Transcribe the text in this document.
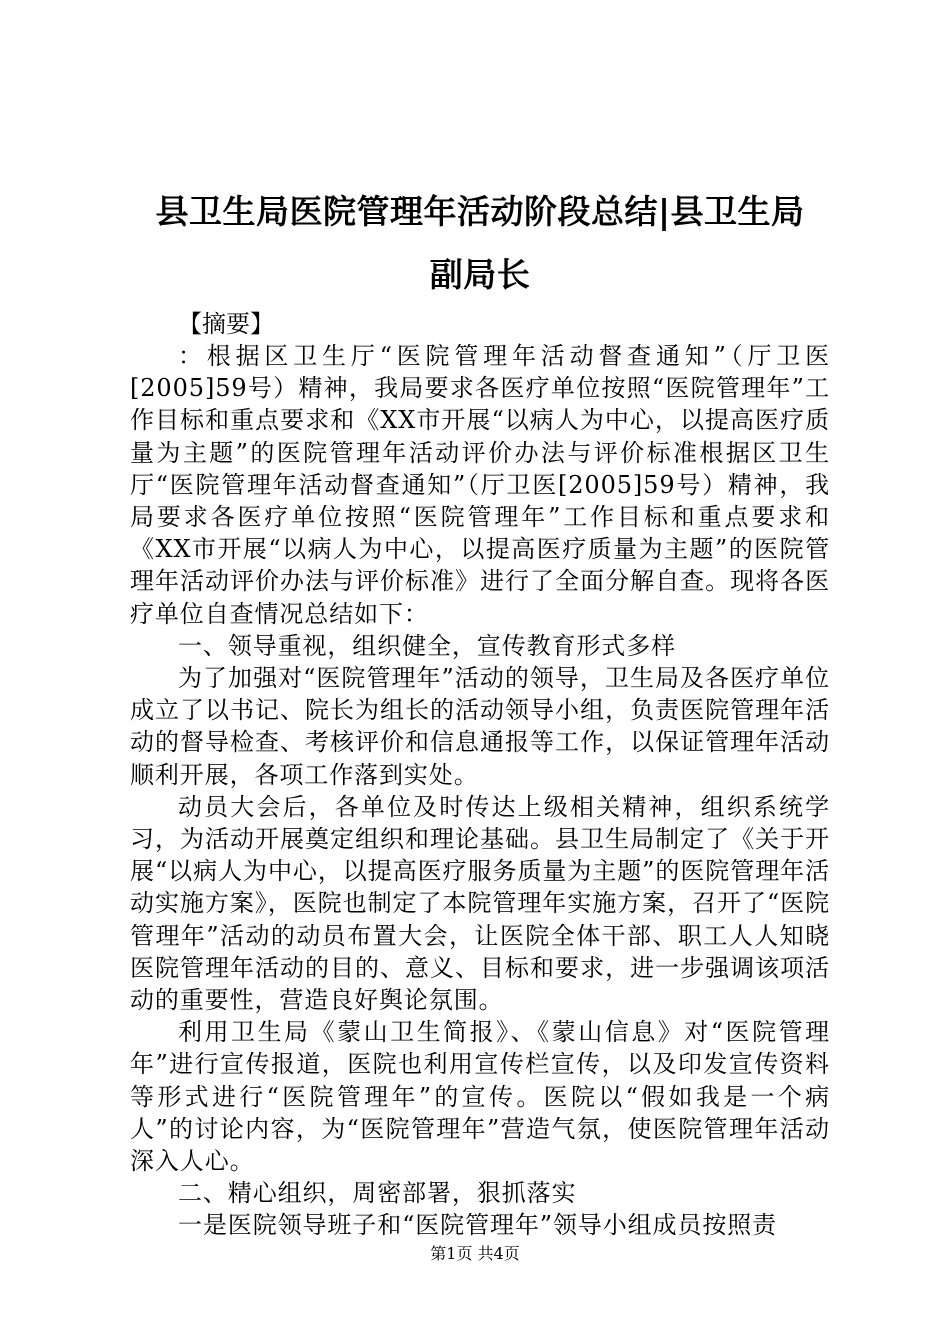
县卫生局医院管理年活动阶段总结|县卫生局
副局长

【摘要】

：根据区卫生厅“医院管理年活动督查通知”（厅卫医[2005]59号）精神，我局要求各医疗单位按照“医院管理年”工作目标和重点要求和《XX市开展“以病人为中心，以提高医疗质量为主题”的医院管理年活动评价办法与评价标准根据区卫生厅“医院管理年活动督查通知”（厅卫医[2005]59号）精神，我局要求各医疗单位按照“医院管理年”工作目标和重点要求和《XX市开展“以病人为中心，以提高医疗质量为主题”的医院管理年活动评价办法与评价标准》进行了全面分解自查。现将各医疗单位自查情况总结如下：

一、领导重视，组织健全，宣传教育形式多样

为了加强对“医院管理年”活动的领导，卫生局及各医疗单位成立了以书记、院长为组长的活动领导小组，负责医院管理年活动的督导检查、考核评价和信息通报等工作，以保证管理年活动顺利开展，各项工作落到实处。

动员大会后，各单位及时传达上级相关精神，组织系统学习，为活动开展奠定组织和理论基础。县卫生局制定了《关于开展“以病人为中心，以提高医疗服务质量为主题”的医院管理年活动实施方案》，医院也制定了本院管理年实施方案，召开了“医院管理年”活动的动员布置大会，让医院全体干部、职工人人知晓医院管理年活动的目的、意义、目标和要求，进一步强调该项活动的重要性，营造良好舆论氛围。

利用卫生局《蒙山卫生简报》、《蒙山信息》对“医院管理年”进行宣传报道，医院也利用宣传栏宣传，以及印发宣传资料等形式进行“医院管理年”的宣传。医院以“假如我是一个病人”的讨论内容，为“医院管理年”营造气氛，使医院管理年活动深入人心。

二、精心组织，周密部署，狠抓落实

一是医院领导班子和“医院管理年”领导小组成员按照责

第1页 共4页
